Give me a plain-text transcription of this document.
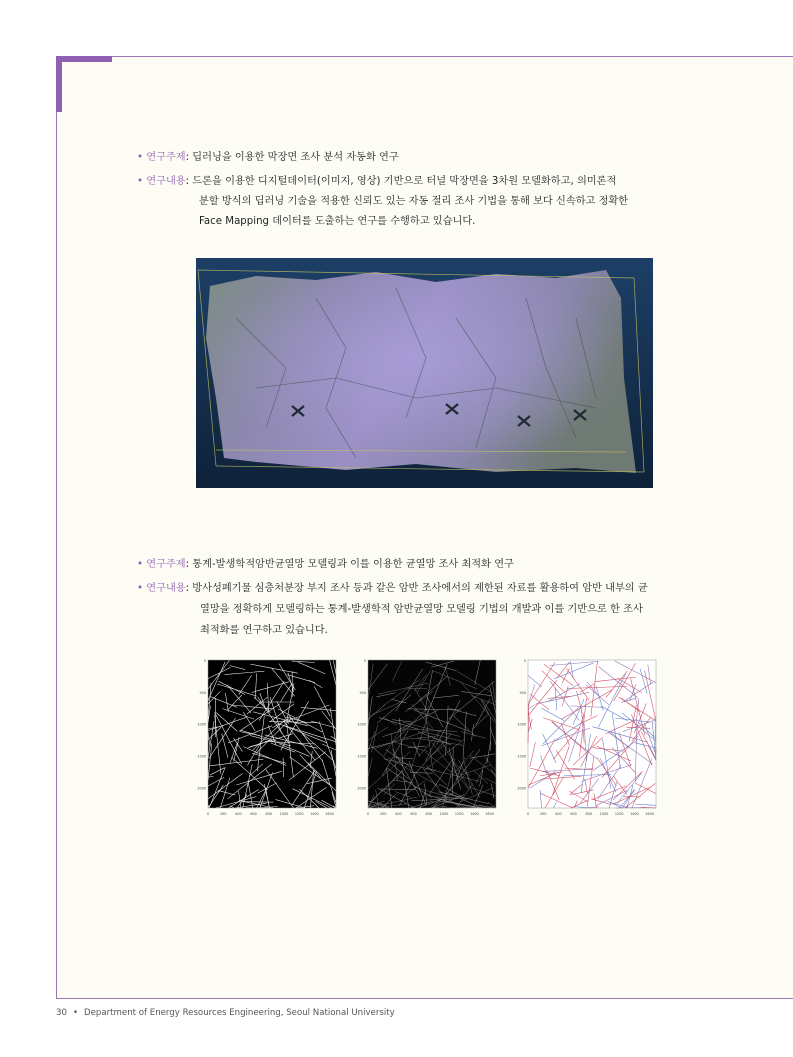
• 연구주제: 딥러닝을 이용한 막장면 조사 분석 자동화 연구
• 연구내용: 드론을 이용한 디지털데이터(이미지, 영상) 기반으로 터널 막장면을 3차원 모델화하고, 의미론적
분할 방식의 딥러닝 기술을 적용한 신뢰도 있는 자동 절리 조사 기법을 통해 보다 신속하고 정확한
Face Mapping 데이터를 도출하는 연구를 수행하고 있습니다.
• 연구주제: 통계-발생학적암반균열망 모델링과 이를 이용한 균열망 조사 최적화 연구
• 연구내용: 방사성폐기물 심층처분장 부지 조사 등과 같은 암반 조사에서의 제한된 자료를 활용하여 암반 내부의 균
열망을 정확하게 모델링하는 통계-발생학적 암반균열망 모델링 기법의 개발과 이를 기반으로 한 조사
최적화를 연구하고 있습니다.
0
500
1000
1500
2000
0	200	400	600	800 1000 1200 1400 1600
0
500
1000
1500
2000
0	200	400	600	800 1000 1200 1400 1600
0
500
1000
1500
2000
0	200	400	600	800 1000 1200 1400 1600
30 • Department of Energy Resources Engineering, Seoul National University
